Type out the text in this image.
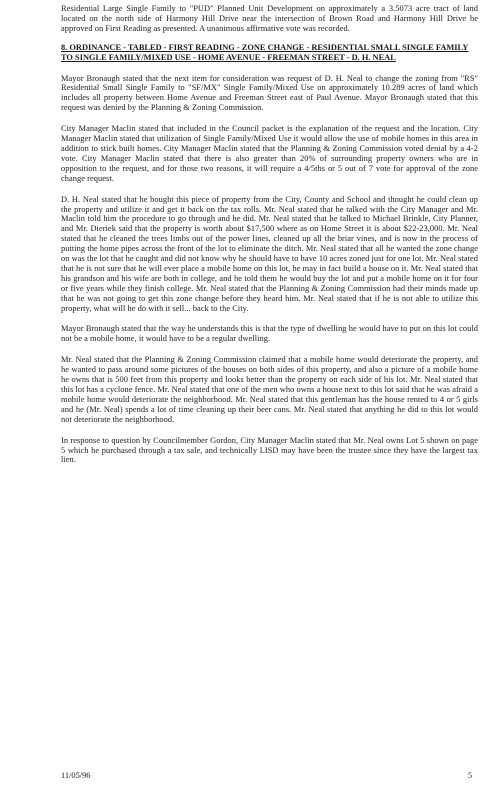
Residential Large Single Family to "PUD" Planned Unit Development on approximately a 3.5073 acre tract of land located on the north side of Harmony Hill Drive near the intersection of Brown Road and Harmony Hill Drive be approved on First Reading as presented. A unanimous affirmative vote was recorded.

8. ORDINANCE - TABLED - FIRST READING - ZONE CHANGE - RESIDENTIAL SMALL SINGLE FAMILY TO SINGLE FAMILY/MIXED USE - HOME AVENUE - FREEMAN STREET - D. H. NEAL

Mayor Bronaugh stated that the next item for consideration was request of D. H. Neal to change the zoning from "RS" Residential Small Single Family to "SF/MX" Single Family/Mixed Use on approximately 10.289 acres of land which includes all property between Home Avenue and Freeman Street east of Paul Avenue. Mayor Bronaugh stated that this request was denied by the Planning & Zoning Commission.

City Manager Maclin stated that included in the Council packet is the explanation of the request and the location. City Manager Maclin stated that utilization of Single Family/Mixed Use it would allow the use of mobile homes in this area in addition to stick built homes. City Manager Maclin stated that the Planning & Zoning Commission voted denial by a 4-2 vote. City Manager Maclin stated that there is also greater than 20% of surrounding property owners who are in opposition to the request, and for those two reasons, it will require a 4/5ths or 5 out of 7 vote for approval of the zone change request.

D. H. Neal stated that he bought this piece of property from the City, County and School and thought he could clean up the property and utilize it and get it back on the tax rolls. Mr. Neal stated that he talked with the City Manager and Mr. Maclin told him the procedure to go through and he did. Mr. Neal stated that he talked to Michael Brinkle, City Planner, and Mr. Dieriek said that the property is worth about $17,500 where as on Home Street it is about $22-23,000. Mr. Neal stated that he cleaned the trees limbs out of the power lines, cleaned up all the briar vines, and is now in the process of putting the home pipes across the front of the lot to eliminate the ditch. Mr. Neal stated that all he wanted the zone change on was the lot that he caught and did not know why he should have to have 10 acres zoned just for one lot. Mr. Neal stated that he is not sure that he will ever place a mobile home on this lot, he may in fact build a house on it. Mr. Neal stated that his grandson and his wife are both in college, and he told them he would buy the lot and put a mobile home on it for four or five years while they finish college. Mr. Neal stated that the Planning & Zoning Commission had their minds made up that he was not going to get this zone change before they heard him. Mr. Neal stated that if he is not able to utilize this property, what will he do with it sell... back to the City.

Mayor Bronaugh stated that the way he understands this is that the type of dwelling he would have to put on this lot could not be a mobile home, it would have to be a regular dwelling.

Mr. Neal stated that the Planning & Zoning Commission claimed that a mobile home would deteriorate the property, and he wanted to pass around some pictures of the houses on both sides of this property, and also a picture of a mobile home he owns that is 500 feet from this property and looks better than the property on each side of his lot. Mr. Neal stated that this lot has a cyclone fence. Mr. Neal stated that one of the men who owns a house next to this lot said that he was afraid a mobile home would deteriorate the neighborhood. Mr. Neal stated that this gentleman has the house rented to 4 or 5 girls and he (Mr. Neal) spends a lot of time cleaning up their beer cans. Mr. Neal stated that anything he did to this lot would not deteriorate the neighborhood.

In response to question by Councilmember Gordon, City Manager Maclin stated that Mr. Neal owns Lot 5 shown on page 5 which he purchased through a tax sale, and technically LISD may have been the trustee since they have the largest tax lien.

11/05/96	5
